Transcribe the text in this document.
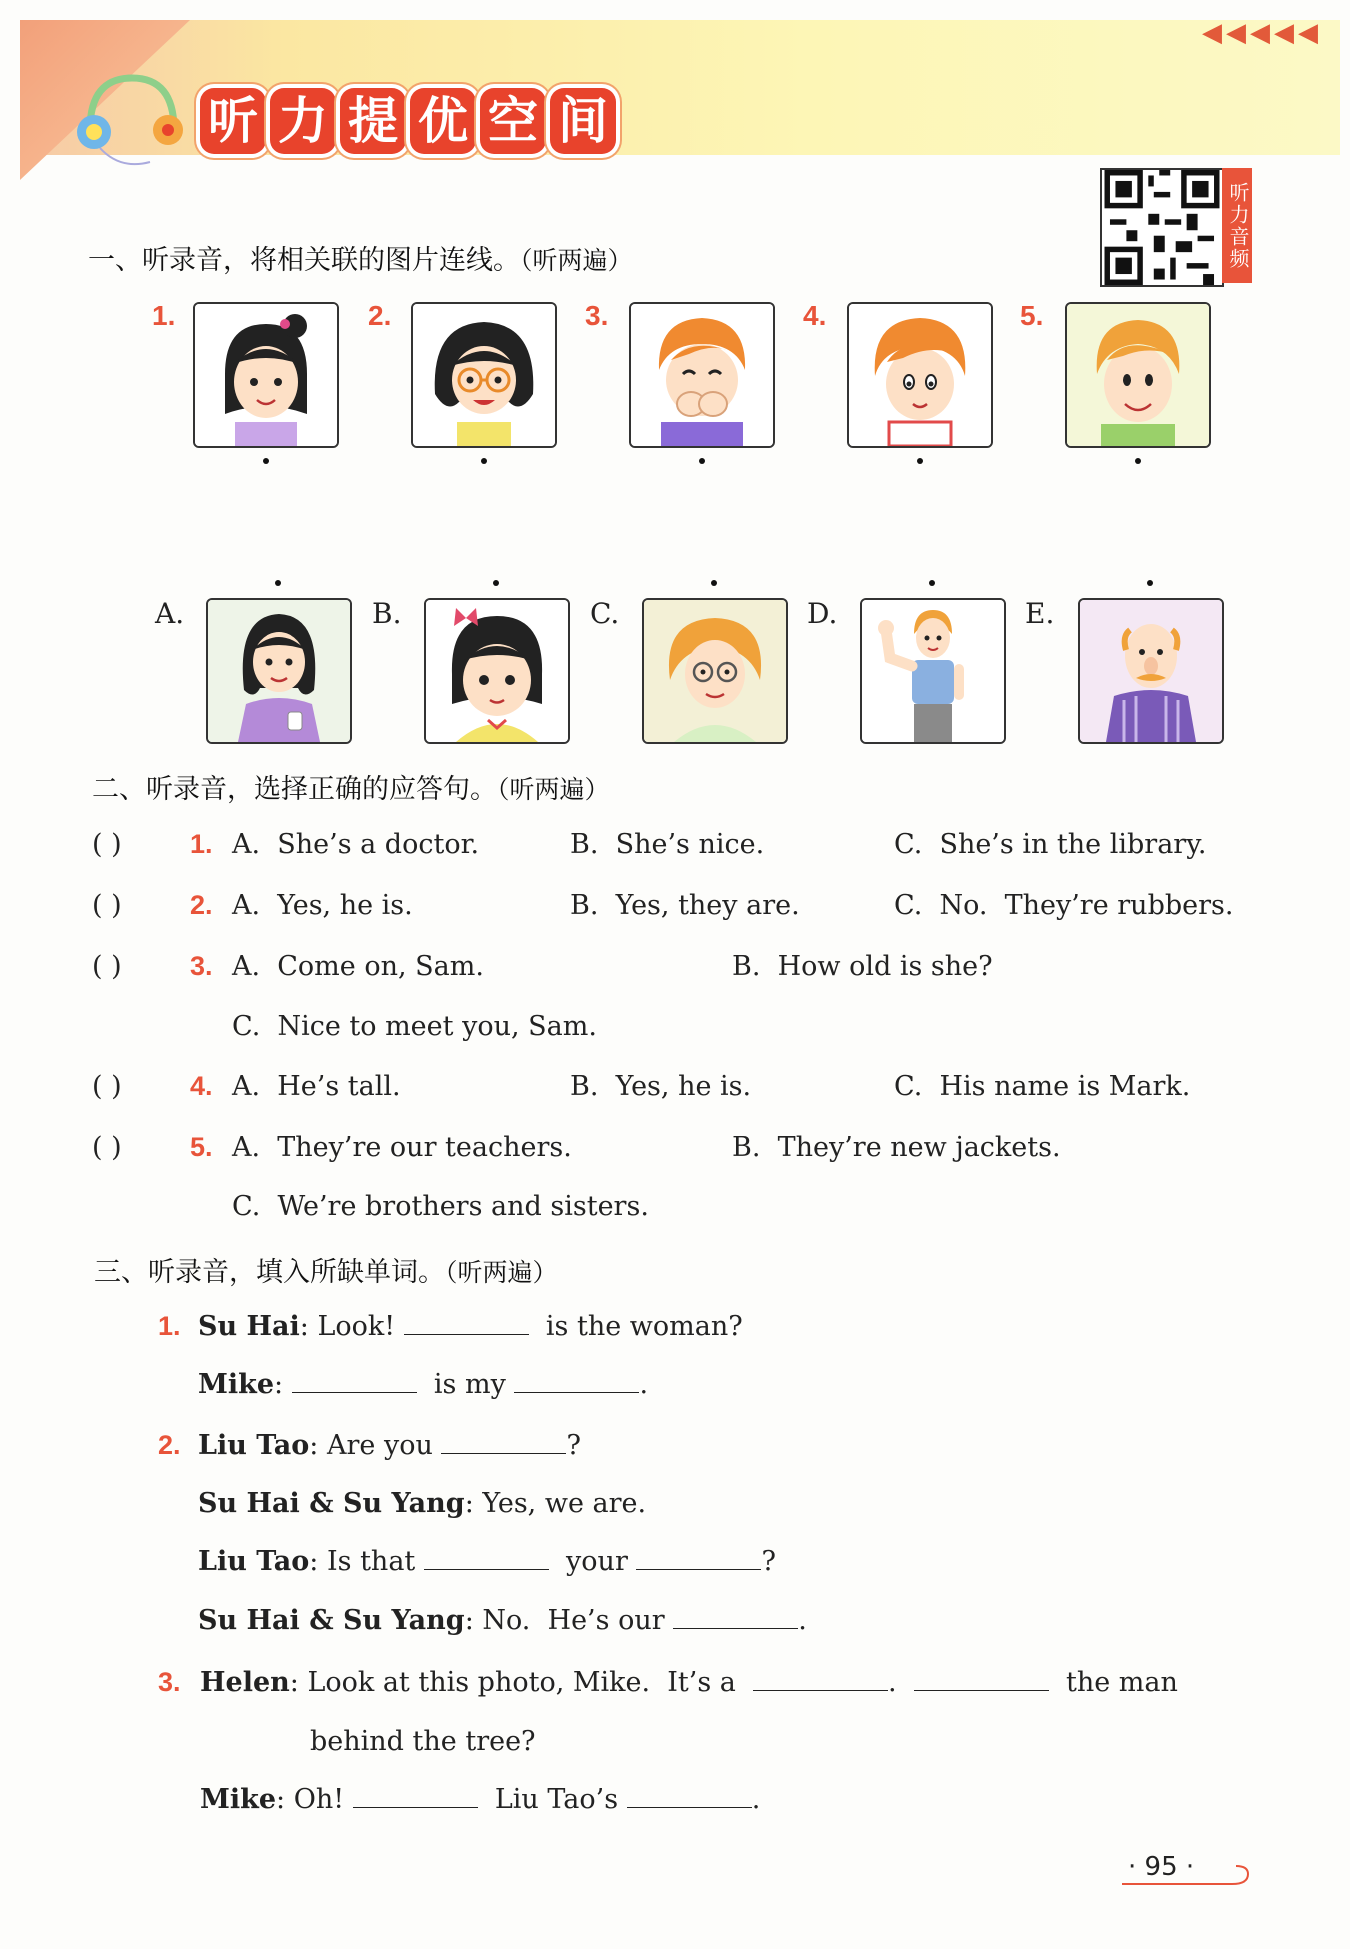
听 力 提 优 空 间
◀◀◀◀◀
听力音频
一、听录音，将相关联的图片连线。（听两遍）
1.	2.	3.	4.	5.
A.	B.	C.	D.	E.
二、听录音，选择正确的应答句。（听两遍）
( )	1. A.  She’s a doctor.	B.  She’s nice.	C.  She’s in the library.
( )	2. A.  Yes, he is.	B.  Yes, they are.	C.  No.  They’re rubbers.
( )	3. A.  Come on, Sam.	B.  How old is she?
C.  Nice to meet you, Sam.
( )	4. A.  He’s tall.	B.  Yes, he is.	C.  His name is Mark.
( )	5. A.  They’re our teachers.	B.  They’re new jackets.
C.  We’re brothers and sisters.
三、听录音，填入所缺单词。（听两遍）
1. Su Hai: Look!	is the woman?
Mike:	is my	.
2. Liu Tao: Are you	?
Su Hai & Su Yang: Yes, we are.
Liu Tao: Is that	your	?
Su Hai & Su Yang: No.  He’s our	.
3. Helen: Look at this photo, Mike.  It’s a	.	the man
behind the tree?
Mike: Oh!	Liu Tao’s	.
· 95 ·
